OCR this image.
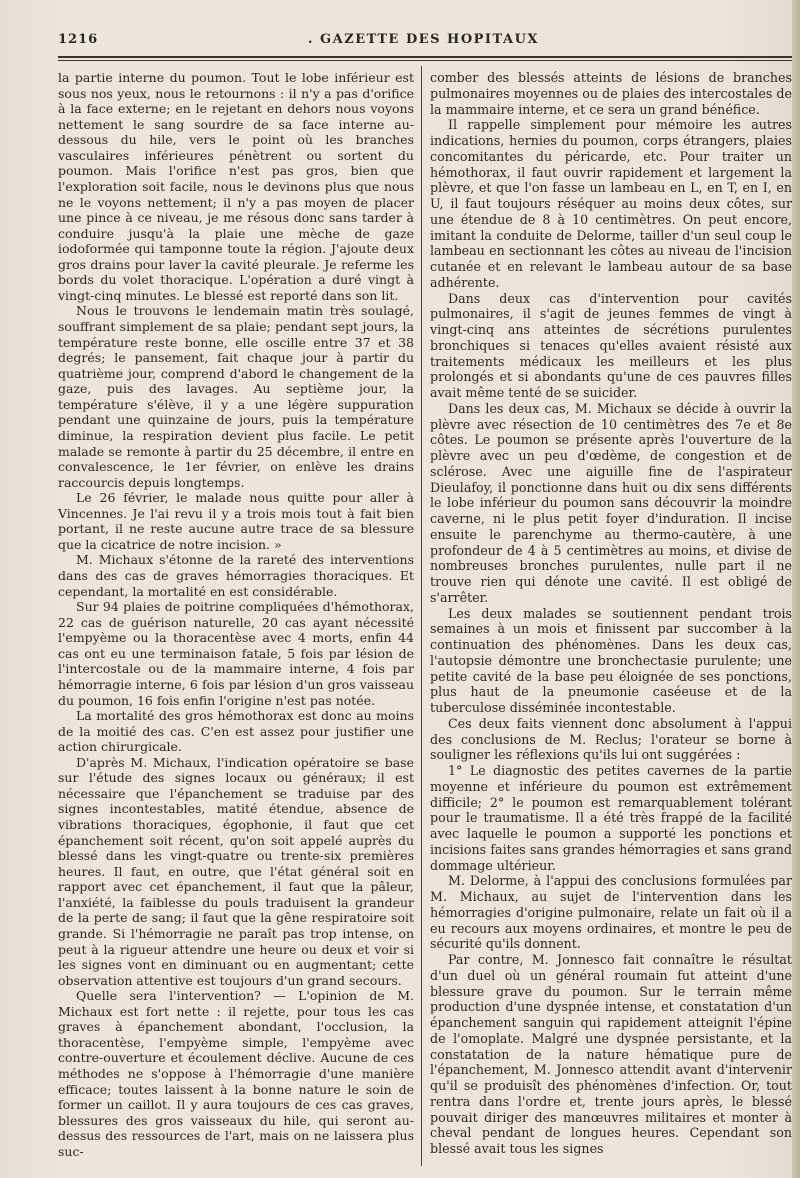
1216	. GAZETTE DES HOPITAUX

la partie interne du poumon. Tout le lobe inférieur est sous nos yeux, nous le retournons : il n'y a pas d'orifice à la face externe; en le rejetant en dehors nous voyons nettement le sang sourdre de sa face interne au-dessous du hile, vers le point où les branches vasculaires inférieures pénètrent ou sortent du poumon. Mais l'orifice n'est pas gros, bien que l'exploration soit facile, nous le devinons plus que nous ne le voyons nettement; il n'y a pas moyen de placer une pince à ce niveau, je me résous donc sans tarder à conduire jusqu'à la plaie une mèche de gaze iodoformée qui tamponne toute la région. J'ajoute deux gros drains pour laver la cavité pleurale. Je referme les bords du volet thoracique. L'opération a duré vingt à vingt-cinq minutes. Le blessé est reporté dans son lit.

Nous le trouvons le lendemain matin très soulagé, souffrant simplement de sa plaie; pendant sept jours, la température reste bonne, elle oscille entre 37 et 38 degrés; le pansement, fait chaque jour à partir du quatrième jour, comprend d'abord le changement de la gaze, puis des lavages. Au septième jour, la température s'élève, il y a une légère suppuration pendant une quinzaine de jours, puis la température diminue, la respiration devient plus facile. Le petit malade se remonte à partir du 25 décembre, il entre en convalescence, le 1er février, on enlève les drains raccourcis depuis longtemps.

Le 26 février, le malade nous quitte pour aller à Vincennes. Je l'ai revu il y a trois mois tout à fait bien portant, il ne reste aucune autre trace de sa blessure que la cicatrice de notre incision. »

M. Michaux s'étonne de la rareté des interventions dans des cas de graves hémorragies thoraciques. Et cependant, la mortalité en est considérable.

Sur 94 plaies de poitrine compliquées d'hémothorax, 22 cas de guérison naturelle, 20 cas ayant nécessité l'empyème ou la thoracentèse avec 4 morts, enfin 44 cas ont eu une terminaison fatale, 5 fois par lésion de l'intercostale ou de la mammaire interne, 4 fois par hémorragie interne, 6 fois par lésion d'un gros vaisseau du poumon, 16 fois enfin l'origine n'est pas notée.

La mortalité des gros hémothorax est donc au moins de la moitié des cas. C'en est assez pour justifier une action chirurgicale.

D'après M. Michaux, l'indication opératoire se base sur l'étude des signes locaux ou généraux; il est nécessaire que l'épanchement se traduise par des signes incontestables, matité étendue, absence de vibrations thoraciques, égophonie, il faut que cet épanchement soit récent, qu'on soit appelé auprès du blessé dans les vingt-quatre ou trente-six premières heures. Il faut, en outre, que l'état général soit en rapport avec cet épanchement, il faut que la pâleur, l'anxiété, la faiblesse du pouls traduisent la grandeur de la perte de sang; il faut que la gêne respiratoire soit grande. Si l'hémorragie ne paraît pas trop intense, on peut à la rigueur attendre une heure ou deux et voir si les signes vont en diminuant ou en augmentant; cette observation attentive est toujours d'un grand secours.

Quelle sera l'intervention? — L'opinion de M. Michaux est fort nette : il rejette, pour tous les cas graves à épanchement abondant, l'occlusion, la thoracentèse, l'empyème simple, l'empyème avec contre-ouverture et écoulement déclive. Aucune de ces méthodes ne s'oppose à l'hémorragie d'une manière efficace; toutes laissent à la bonne nature le soin de former un caillot. Il y aura toujours de ces cas graves, blessures des gros vaisseaux du hile, qui seront au-dessus des ressources de l'art, mais on ne laissera plus suc-

comber des blessés atteints de lésions de branches pulmonaires moyennes ou de plaies des intercostales de la mammaire interne, et ce sera un grand bénéfice.

Il rappelle simplement pour mémoire les autres indications, hernies du poumon, corps étrangers, plaies concomitantes du péricarde, etc. Pour traiter un hémothorax, il faut ouvrir rapidement et largement la plèvre, et que l'on fasse un lambeau en L, en T, en I, en U, il faut toujours réséquer au moins deux côtes, sur une étendue de 8 à 10 centimètres. On peut encore, imitant la conduite de Delorme, tailler d'un seul coup le lambeau en sectionnant les côtes au niveau de l'incision cutanée et en relevant le lambeau autour de sa base adhérente.

Dans deux cas d'intervention pour cavités pulmonaires, il s'agit de jeunes femmes de vingt à vingt-cinq ans atteintes de sécrétions purulentes bronchiques si tenaces qu'elles avaient résisté aux traitements médicaux les meilleurs et les plus prolongés et si abondants qu'une de ces pauvres filles avait même tenté de se suicider.

Dans les deux cas, M. Michaux se décide à ouvrir la plèvre avec résection de 10 centimètres des 7e et 8e côtes. Le poumon se présente après l'ouverture de la plèvre avec un peu d'œdème, de congestion et de sclérose. Avec une aiguille fine de l'aspirateur Dieulafoy, il ponctionne dans huit ou dix sens différents le lobe inférieur du poumon sans découvrir la moindre caverne, ni le plus petit foyer d'induration. Il incise ensuite le parenchyme au thermo-cautère, à une profondeur de 4 à 5 centimètres au moins, et divise de nombreuses bronches purulentes, nulle part il ne trouve rien qui dénote une cavité. Il est obligé de s'arrêter.

Les deux malades se soutiennent pendant trois semaines à un mois et finissent par succomber à la continuation des phénomènes. Dans les deux cas, l'autopsie démontre une bronchectasie purulente; une petite cavité de la base peu éloignée de ses ponctions, plus haut de la pneumonie caséeuse et de la tuberculose disséminée incontestable.

Ces deux faits viennent donc absolument à l'appui des conclusions de M. Reclus; l'orateur se borne à souligner les réflexions qu'ils lui ont suggérées :

1° Le diagnostic des petites cavernes de la partie moyenne et inférieure du poumon est extrêmement difficile; 2° le poumon est remarquablement tolérant pour le traumatisme. Il a été très frappé de la facilité avec laquelle le poumon a supporté les ponctions et incisions faites sans grandes hémorragies et sans grand dommage ultérieur.

M. Delorme, à l'appui des conclusions formulées par M. Michaux, au sujet de l'intervention dans les hémorragies d'origine pulmonaire, relate un fait où il a eu recours aux moyens ordinaires, et montre le peu de sécurité qu'ils donnent.

Par contre, M. Jonnesco fait connaître le résultat d'un duel où un général roumain fut atteint d'une blessure grave du poumon. Sur le terrain même production d'une dyspnée intense, et constatation d'un épanchement sanguin qui rapidement atteignit l'épine de l'omoplate. Malgré une dyspnée persistante, et la constatation de la nature hématique pure de l'épanchement, M. Jonnesco attendit avant d'intervenir qu'il se produisît des phénomènes d'infection. Or, tout rentra dans l'ordre et, trente jours après, le blessé pouvait diriger des manœuvres militaires et monter à cheval pendant de longues heures. Cependant son blessé avait tous les signes
